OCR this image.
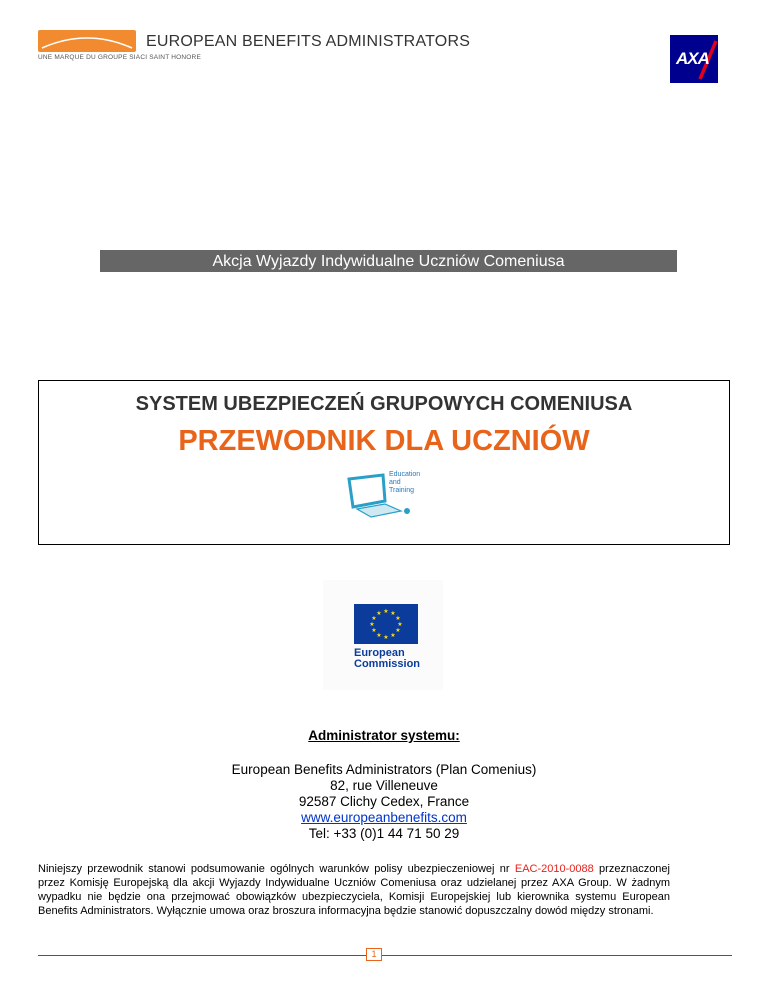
EUROPEAN BENEFITS ADMINISTRATORS
UNE MARQUE DU GROUPE SIACI SAINT HONORE	AXA
Akcja Wyjazdy Indywidualne Uczniów Comeniusa
SYSTEM UBEZPIECZEŃ GRUPOWYCH COMENIUSA
PRZEWODNIK DLA UCZNIÓW
Education
and
Training
★ ★
★
★
★
★
★
★
★
★
★
★
European
Commission
Administrator systemu:
European Benefits Administrators (Plan Comenius)
82, rue Villeneuve
92587 Clichy Cedex, France
www.europeanbenefits.com
Tel: +33 (0)1 44 71 50 29
Niniejszy przewodnik stanowi podsumowanie ogólnych warunków polisy ubezpieczeniowej nr EAC-2010-0088 przeznaczonej przez Komisję Europejską dla akcji Wyjazdy Indywidualne Uczniów Comeniusa oraz udzielanej przez AXA Group. W żadnym wypadku nie będzie ona przejmować obowiązków ubezpieczyciela, Komisji Europejskiej lub kierownika systemu European Benefits Administrators. Wyłącznie umowa oraz broszura informacyjna będzie stanowić dopuszczalny dowód między stronami.
1
